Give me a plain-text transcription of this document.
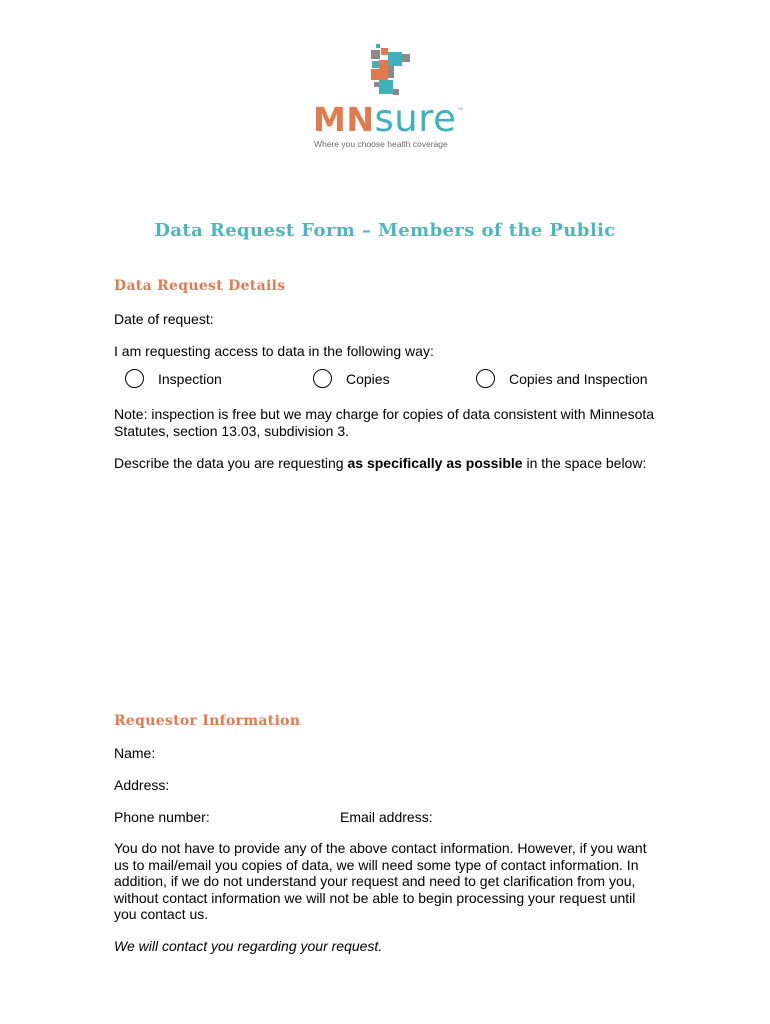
MNsure TM
Where you choose health coverage
Data Request Form – Members of the Public
Data Request Details
Date of request:
I am requesting access to data in the following way:
Inspection	Copies	Copies and Inspection
Note: inspection is free but we may charge for copies of data consistent with Minnesota Statutes, section 13.03, subdivision 3.
Describe the data you are requesting as specifically as possible in the space below:
Requestor Information
Name:
Address:
Phone number:	Email address:
You do not have to provide any of the above contact information. However, if you want us to mail/email you copies of data, we will need some type of contact information. In addition, if we do not understand your request and need to get clarification from you, without contact information we will not be able to begin processing your request until you contact us.
We will contact you regarding your request.
